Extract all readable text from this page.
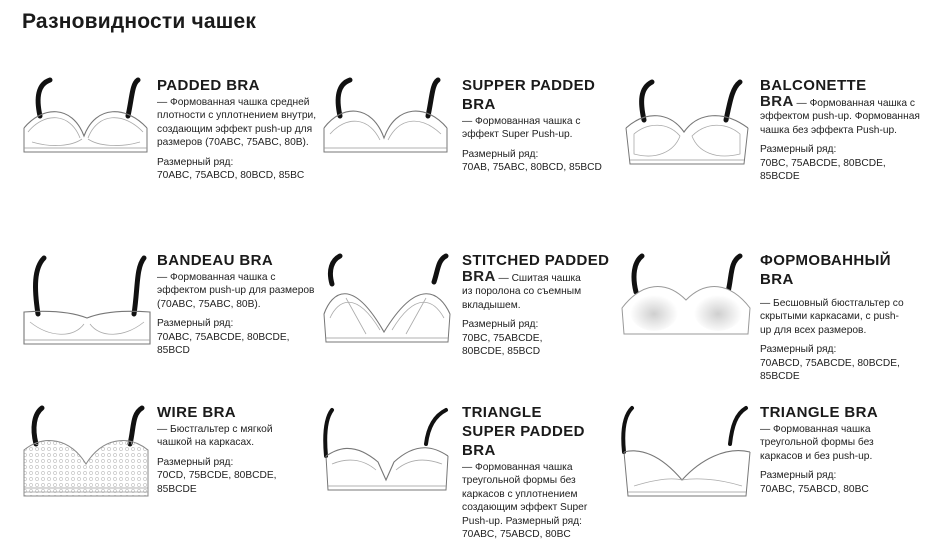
Разновидности чашек
PADDED BRA
— Формованная чашка средней плотности с уплотнением внутри, создающим эффект push-up для размеров (70ABC, 75ABC, 80B).
Размерный ряд:
70ABC, 75ABCD, 80BCD, 85BC
SUPPER PADDED BRA
— Формованная чашка с эффект Super Push-up.
Размерный ряд:
70AB, 75ABC, 80BCD, 85BCD
BALCONETTE
BRA — Формованная чашка с эффектом push-up. Формованная чашка без эффекта Push-up.
Размерный ряд:
70BC, 75ABCDE, 80BCDE, 85BCDE
BANDEAU BRA
— Формованная чашка с эффектом push-up для размеров (70ABC, 75ABC, 80B).
Размерный ряд:
70ABC, 75ABCDE, 80BCDE, 85BCD
STITCHED PADDED
BRA — Сшитая чашка из поролона со съемным вкладышем.
Размерный ряд:
70BC, 75ABCDE, 80BCDE, 85BCD
ФОРМОВАННЫЙ BRA
— Бесшовный бюстгальтер со скрытыми каркасами, с push-up для всех размеров.
Размерный ряд:
70ABCD, 75ABCDE, 80BCDE, 85BCDE
WIRE BRA
— Бюстгальтер с мягкой чашкой на каркасах.
Размерный ряд:
70CD, 75BCDE, 80BCDE, 85BCDE
TRIANGLE
SUPER PADDED BRA
— Формованная чашка треугольной формы без каркасов с уплотнением создающим эффект Super Push-up. Размерный ряд:
70ABC, 75ABCD, 80BC
TRIANGLE BRA
— Формованная чашка треугольной формы без каркасов и без push-up.
Размерный ряд:
70ABC, 75ABCD, 80BC
